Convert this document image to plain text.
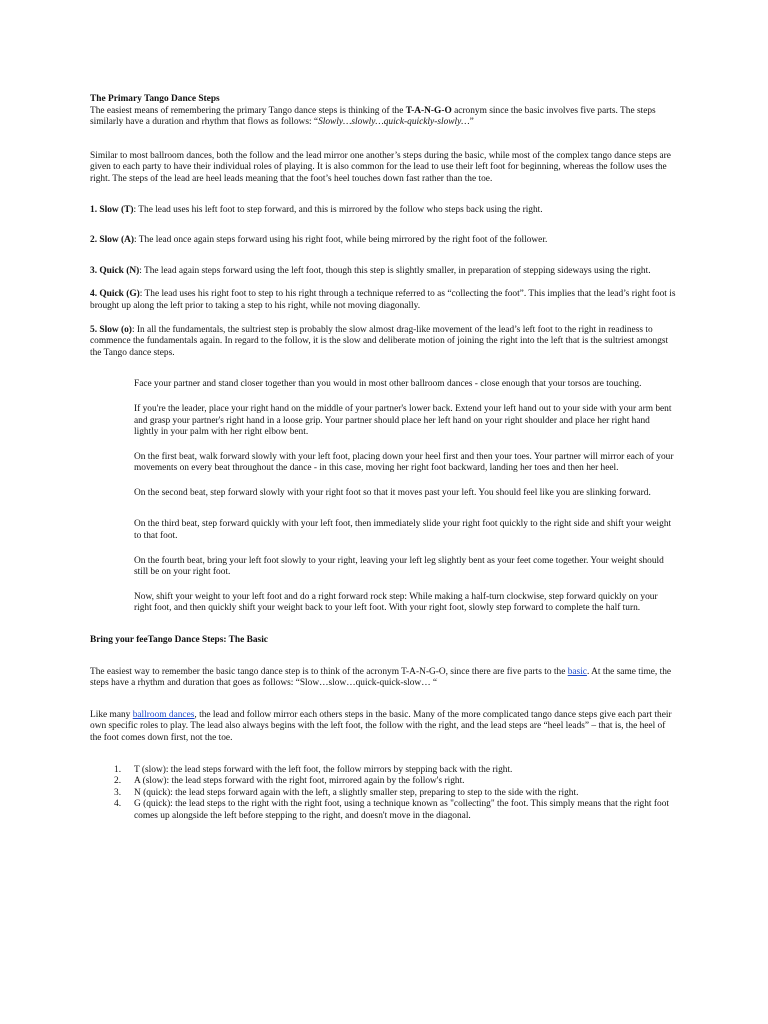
The Primary Tango Dance Steps

The easiest means of remembering the primary Tango dance steps is thinking of the T-A-N-G-O acronym since the basic involves five parts. The steps similarly have a duration and rhythm that flows as follows: “Slowly…slowly…quick-quickly-slowly…”

Similar to most ballroom dances, both the follow and the lead mirror one another’s steps during the basic, while most of the complex tango dance steps are given to each party to have their individual roles of playing. It is also common for the lead to use their left foot for beginning, whereas the follow uses the right. The steps of the lead are heel leads meaning that the foot’s heel touches down fast rather than the toe.

1. Slow (T): The lead uses his left foot to step forward, and this is mirrored by the follow who steps back using the right.

2. Slow (A): The lead once again steps forward using his right foot, while being mirrored by the right foot of the follower.

3. Quick (N): The lead again steps forward using the left foot, though this step is slightly smaller, in preparation of stepping sideways using the right.

4. Quick (G): The lead uses his right foot to step to his right through a technique referred to as “collecting the foot”. This implies that the lead’s right foot is brought up along the left prior to taking a step to his right, while not moving diagonally.

5. Slow (o): In all the fundamentals, the sultriest step is probably the slow almost drag-like movement of the lead’s left foot to the right in readiness to commence the fundamentals again. In regard to the follow, it is the slow and deliberate motion of joining the right into the left that is the sultriest amongst the Tango dance steps.

Face your partner and stand closer together than you would in most other ballroom dances - close enough that your torsos are touching.

If you're the leader, place your right hand on the middle of your partner's lower back. Extend your left hand out to your side with your arm bent and grasp your partner's right hand in a loose grip. Your partner should place her left hand on your right shoulder and place her right hand lightly in your palm with her right elbow bent.

On the first beat, walk forward slowly with your left foot, placing down your heel first and then your toes. Your partner will mirror each of your movements on every beat throughout the dance - in this case, moving her right foot backward, landing her toes and then her heel.

On the second beat, step forward slowly with your right foot so that it moves past your left. You should feel like you are slinking forward.

On the third beat, step forward quickly with your left foot, then immediately slide your right foot quickly to the right side and shift your weight to that foot.

On the fourth beat, bring your left foot slowly to your right, leaving your left leg slightly bent as your feet come together. Your weight should still be on your right foot.

Now, shift your weight to your left foot and do a right forward rock step: While making a half-turn clockwise, step forward quickly on your right foot, and then quickly shift your weight back to your left foot. With your right foot, slowly step forward to complete the half turn.

Bring your feeTango Dance Steps: The Basic

The easiest way to remember the basic tango dance step is to think of the acronym T-A-N-G-O, since there are five parts to the basic. At the same time, the steps have a rhythm and duration that goes as follows: “Slow…slow…quick-quick-slow… “

Like many ballroom dances, the lead and follow mirror each others steps in the basic. Many of the more complicated tango dance steps give each part their own specific roles to play. The lead also always begins with the left foot, the follow with the right, and the lead steps are “heel leads” – that is, the heel of the foot comes down first, not the toe.

1. T (slow): the lead steps forward with the left foot, the follow mirrors by stepping back with the right.
2. A (slow): the lead steps forward with the right foot, mirrored again by the follow's right.
3. N (quick): the lead steps forward again with the left, a slightly smaller step, preparing to step to the side with the right.
4. G (quick): the lead steps to the right with the right foot, using a technique known as "collecting" the foot. This simply means that the right foot comes up alongside the left before stepping to the right, and doesn't move in the diagonal.
